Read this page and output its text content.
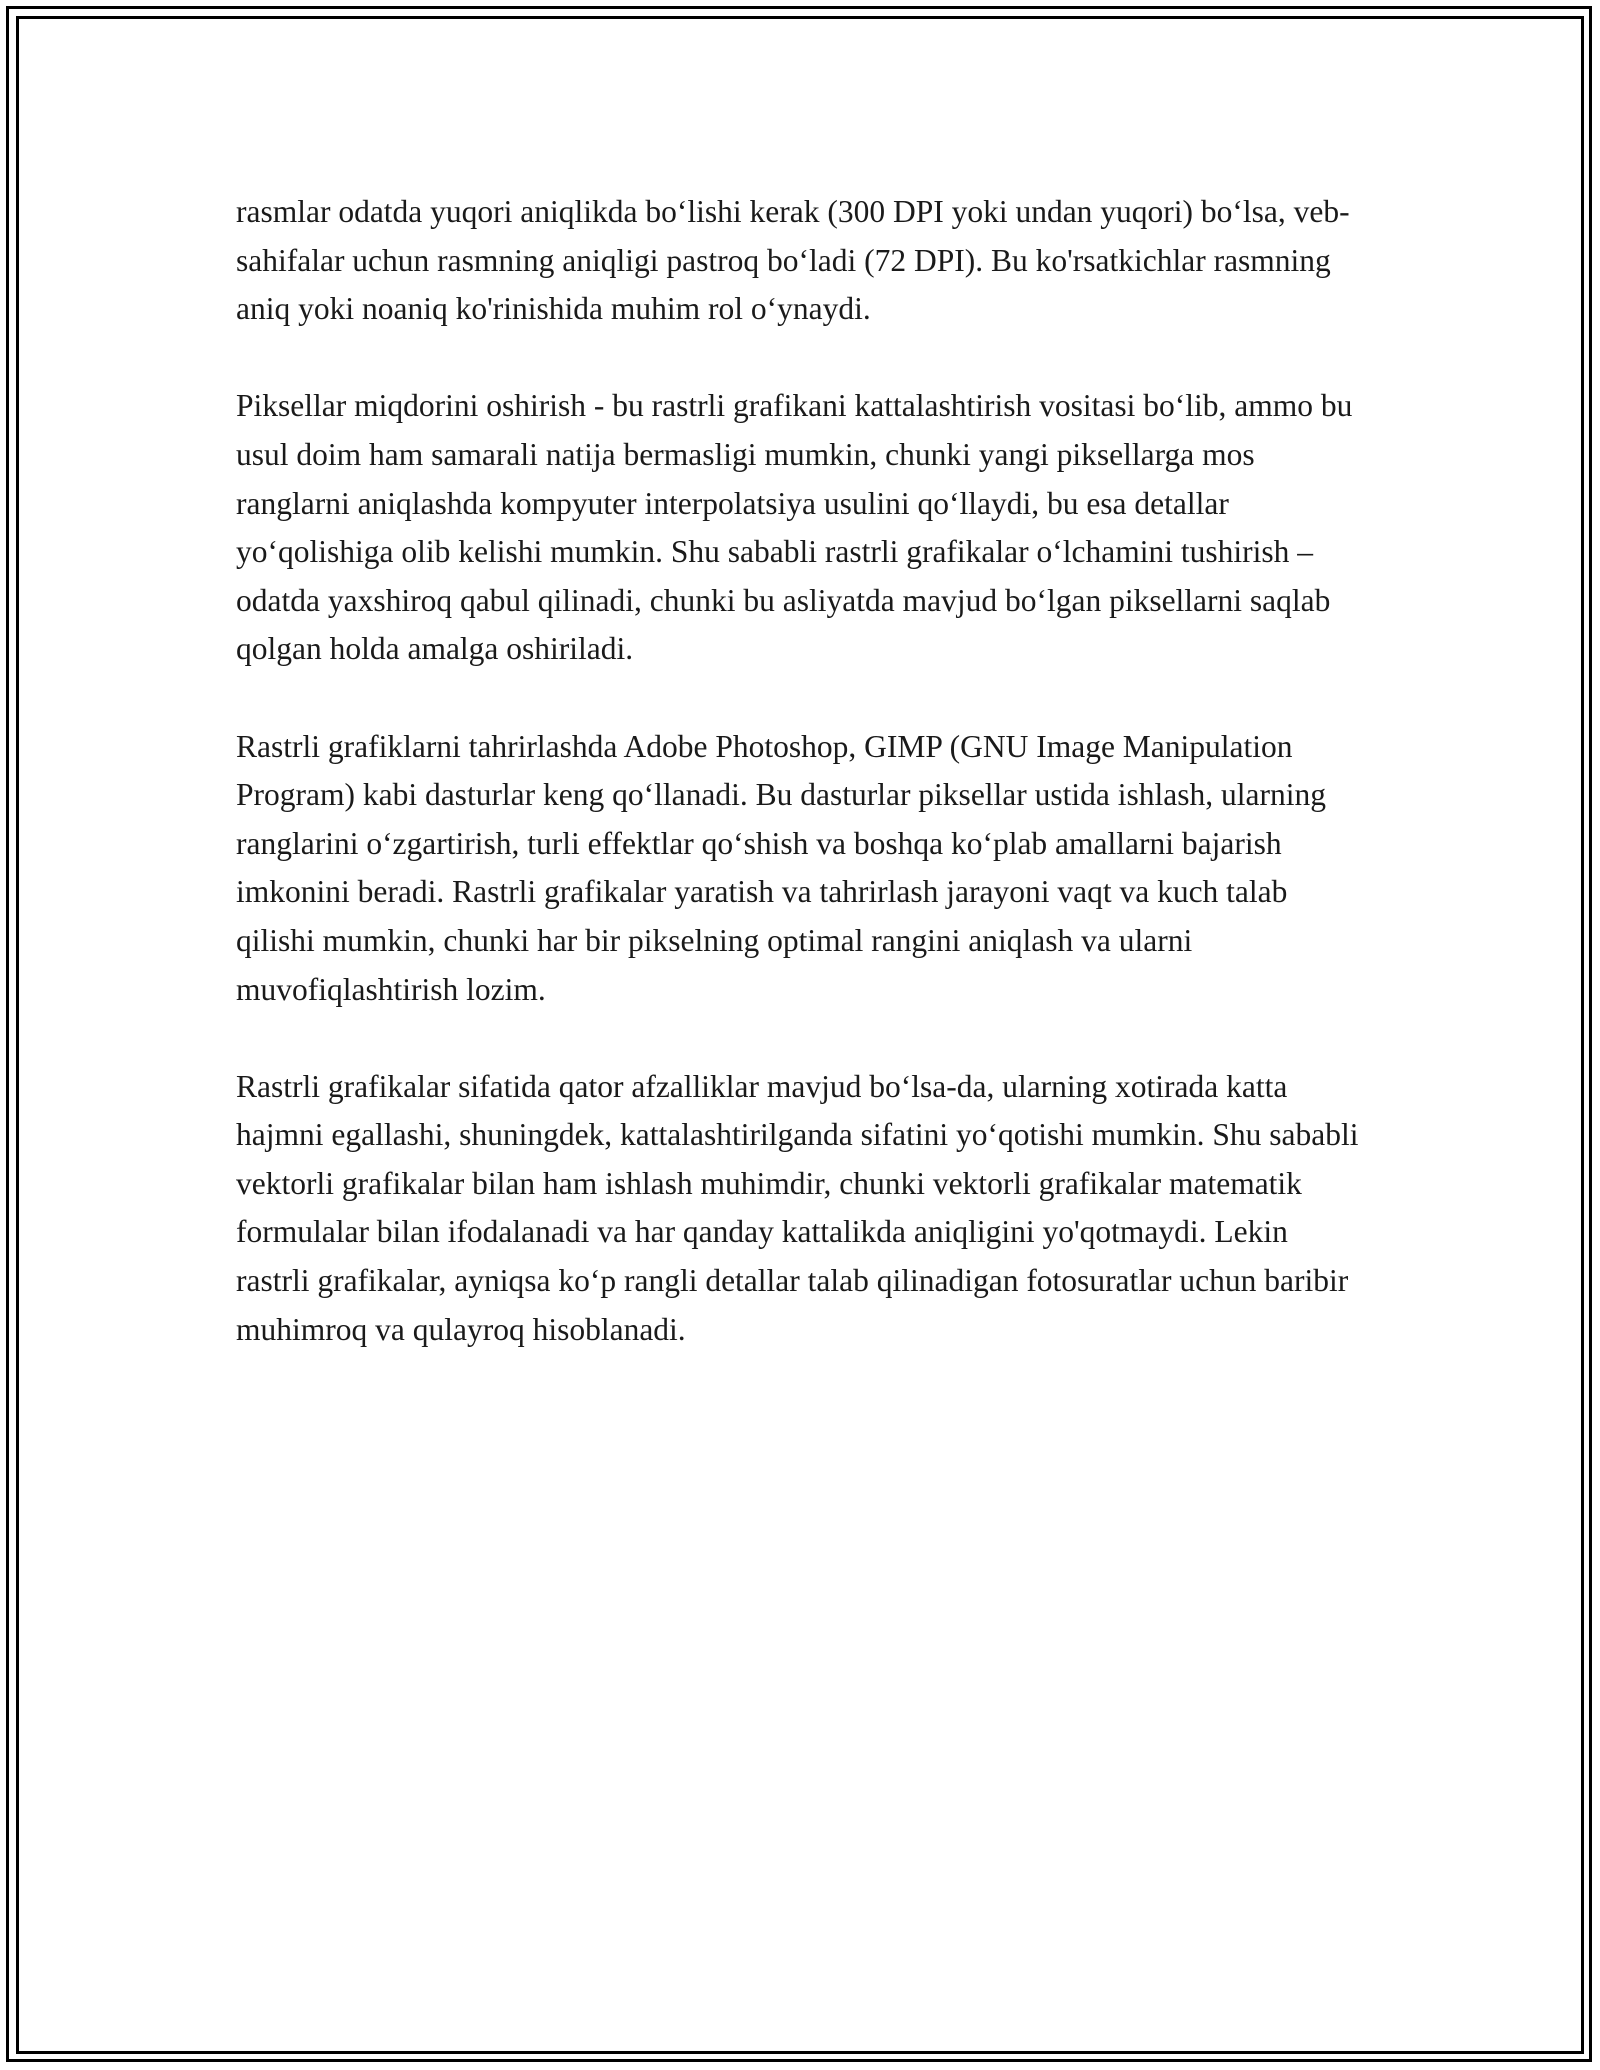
rasmlar odatda yuqori aniqlikda bo‘lishi kerak (300 DPI yoki undan yuqori) bo‘lsa, veb-sahifalar uchun rasmning aniqligi pastroq bo‘ladi (72 DPI). Bu ko'rsatkichlar rasmning aniq yoki noaniq ko'rinishida muhim rol o‘ynaydi.

Piksellar miqdorini oshirish - bu rastrli grafikani kattalashtirish vositasi bo‘lib, ammo bu usul doim ham samarali natija bermasligi mumkin, chunki yangi piksellarga mos ranglarni aniqlashda kompyuter interpolatsiya usulini qo‘llaydi, bu esa detallar yo‘qolishiga olib kelishi mumkin. Shu sababli rastrli grafikalar o‘lchamini tushirish – odatda yaxshiroq qabul qilinadi, chunki bu asliyatda mavjud bo‘lgan piksellarni saqlab qolgan holda amalga oshiriladi.

Rastrli grafiklarni tahrirlashda Adobe Photoshop, GIMP (GNU Image Manipulation Program) kabi dasturlar keng qo‘llanadi. Bu dasturlar piksellar ustida ishlash, ularning ranglarini o‘zgartirish, turli effektlar qo‘shish va boshqa ko‘plab amallarni bajarish imkonini beradi. Rastrli grafikalar yaratish va tahrirlash jarayoni vaqt va kuch talab qilishi mumkin, chunki har bir pikselning optimal rangini aniqlash va ularni muvofiqlashtirish lozim.

Rastrli grafikalar sifatida qator afzalliklar mavjud bo‘lsa-da, ularning xotirada katta hajmni egallashi, shuningdek, kattalashtirilganda sifatini yo‘qotishi mumkin. Shu sababli vektorli grafikalar bilan ham ishlash muhimdir, chunki vektorli grafikalar matematik formulalar bilan ifodalanadi va har qanday kattalikda aniqligini yo'qotmaydi. Lekin rastrli grafikalar, ayniqsa ko‘p rangli detallar talab qilinadigan fotosuratlar uchun baribir muhimroq va qulayroq hisoblanadi.
